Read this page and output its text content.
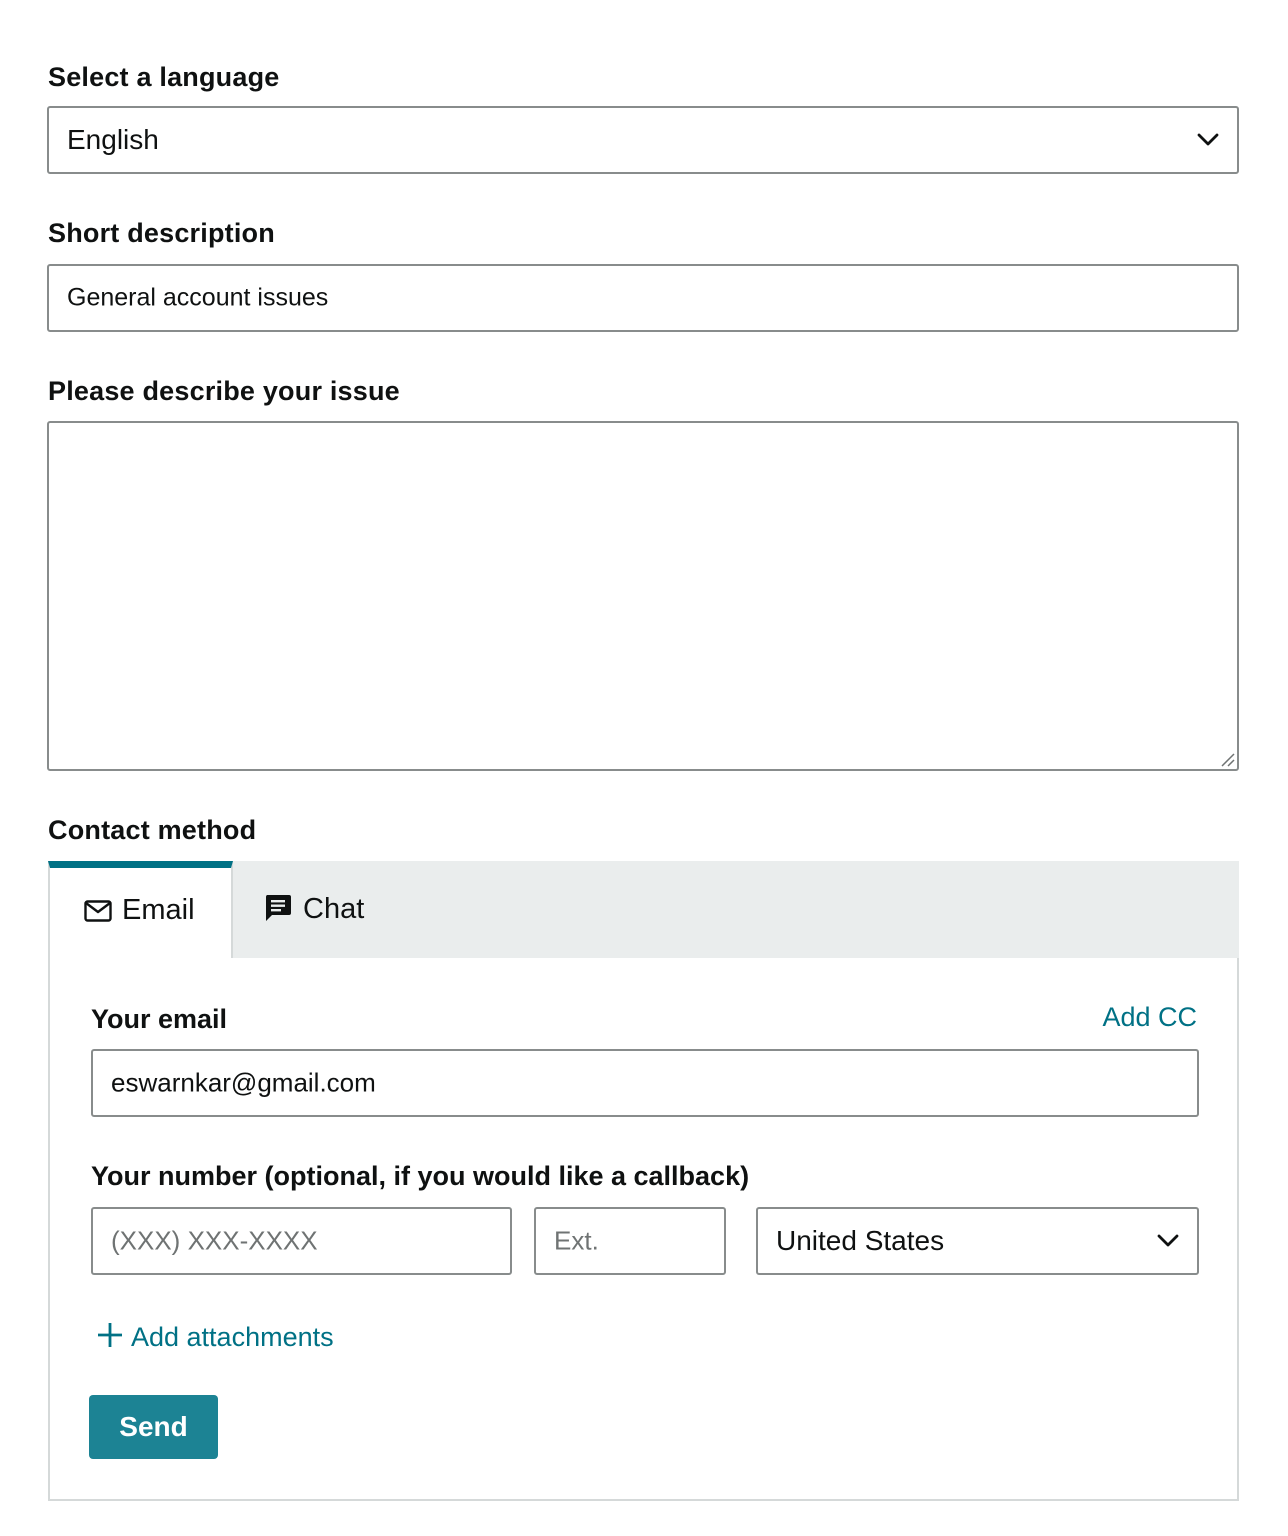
Select a language
English
Short description
General account issues
Please describe your issue
Contact method
Email	Chat
Your email	Add CC
eswarnkar@gmail.com
Your number (optional, if you would like a callback)
(XXX) XXX-XXXX	Ext.	United States
Add attachments
Send
